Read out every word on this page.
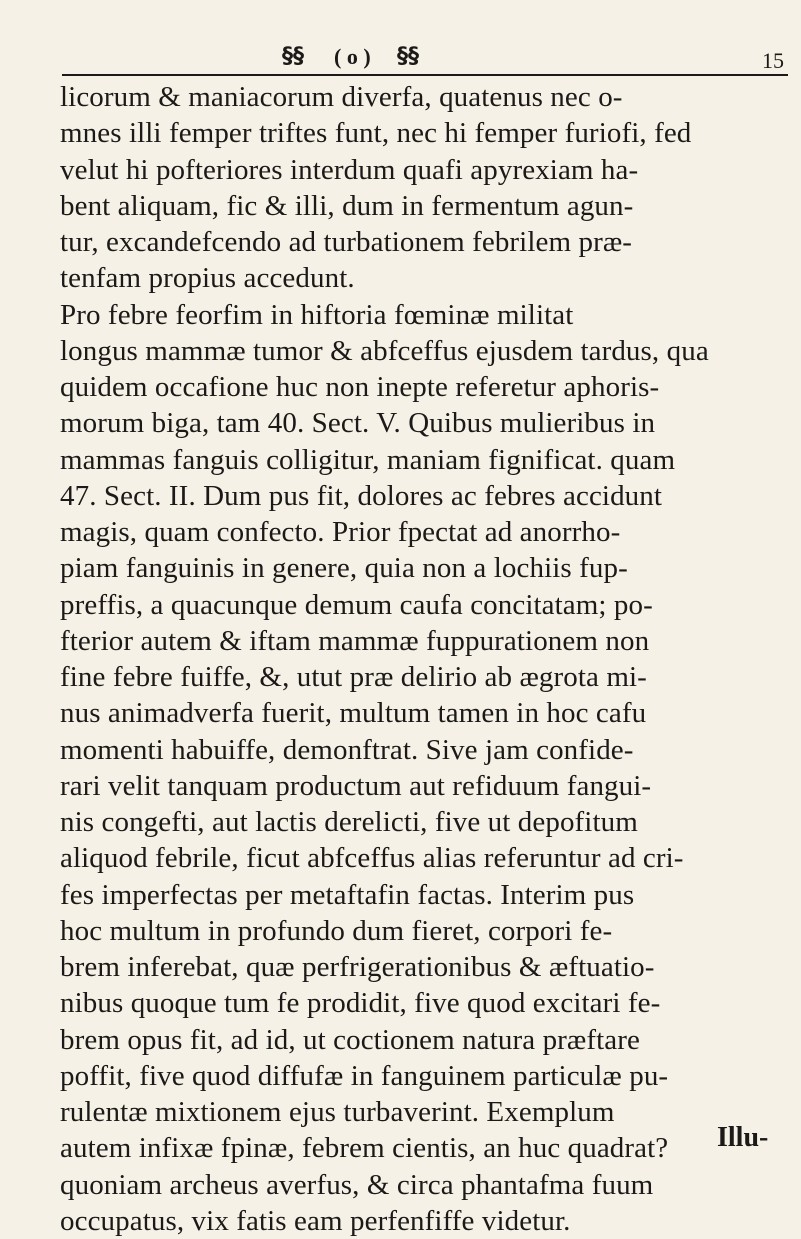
§§ ( o ) §§	15
licorum & maniacorum diverfa, quatenus nec o-
mnes illi femper triftes funt, nec hi femper furiofi, fed
velut hi pofteriores interdum quafi apyrexiam ha-
bent aliquam, fic & illi, dum in fermentum agun-
tur, excandefcendo ad turbationem febrilem præ-
tenfam propius accedunt.
Pro febre feorfim in hiftoria fœminæ militat
longus mammæ tumor & abfceffus ejusdem tardus, qua
quidem occafione huc non inepte referetur aphoris-
morum biga, tam 40. Sect. V. Quibus mulieribus in
mammas fanguis colligitur, maniam fignificat. quam
47. Sect. II. Dum pus fit, dolores ac febres accidunt
magis, quam confecto. Prior fpectat ad anorrho-
piam fanguinis in genere, quia non a lochiis fup-
preffis, a quacunque demum caufa concitatam; po-
fterior autem & iftam mammæ fuppurationem non
fine febre fuiffe, &, utut præ delirio ab ægrota mi-
nus animadverfa fuerit, multum tamen in hoc cafu
momenti habuiffe, demonftrat. Sive jam confide-
rari velit tanquam productum aut refiduum fangui-
nis congefti, aut lactis derelicti, five ut depofitum
aliquod febrile, ficut abfceffus alias referuntur ad cri-
fes imperfectas per metaftafin factas. Interim pus
hoc multum in profundo dum fieret, corpori fe-
brem inferebat, quæ perfrigerationibus & æftuatio-
nibus quoque tum fe prodidit, five quod excitari fe-
brem opus fit, ad id, ut coctionem natura præftare
poffit, five quod diffufæ in fanguinem particulæ pu-
rulentæ mixtionem ejus turbaverint. Exemplum
autem infixæ fpinæ, febrem cientis, an huc quadrat?
quoniam archeus averfus, & circa phantafma fuum
occupatus, vix fatis eam perfenfiffe videtur.
Illu-
